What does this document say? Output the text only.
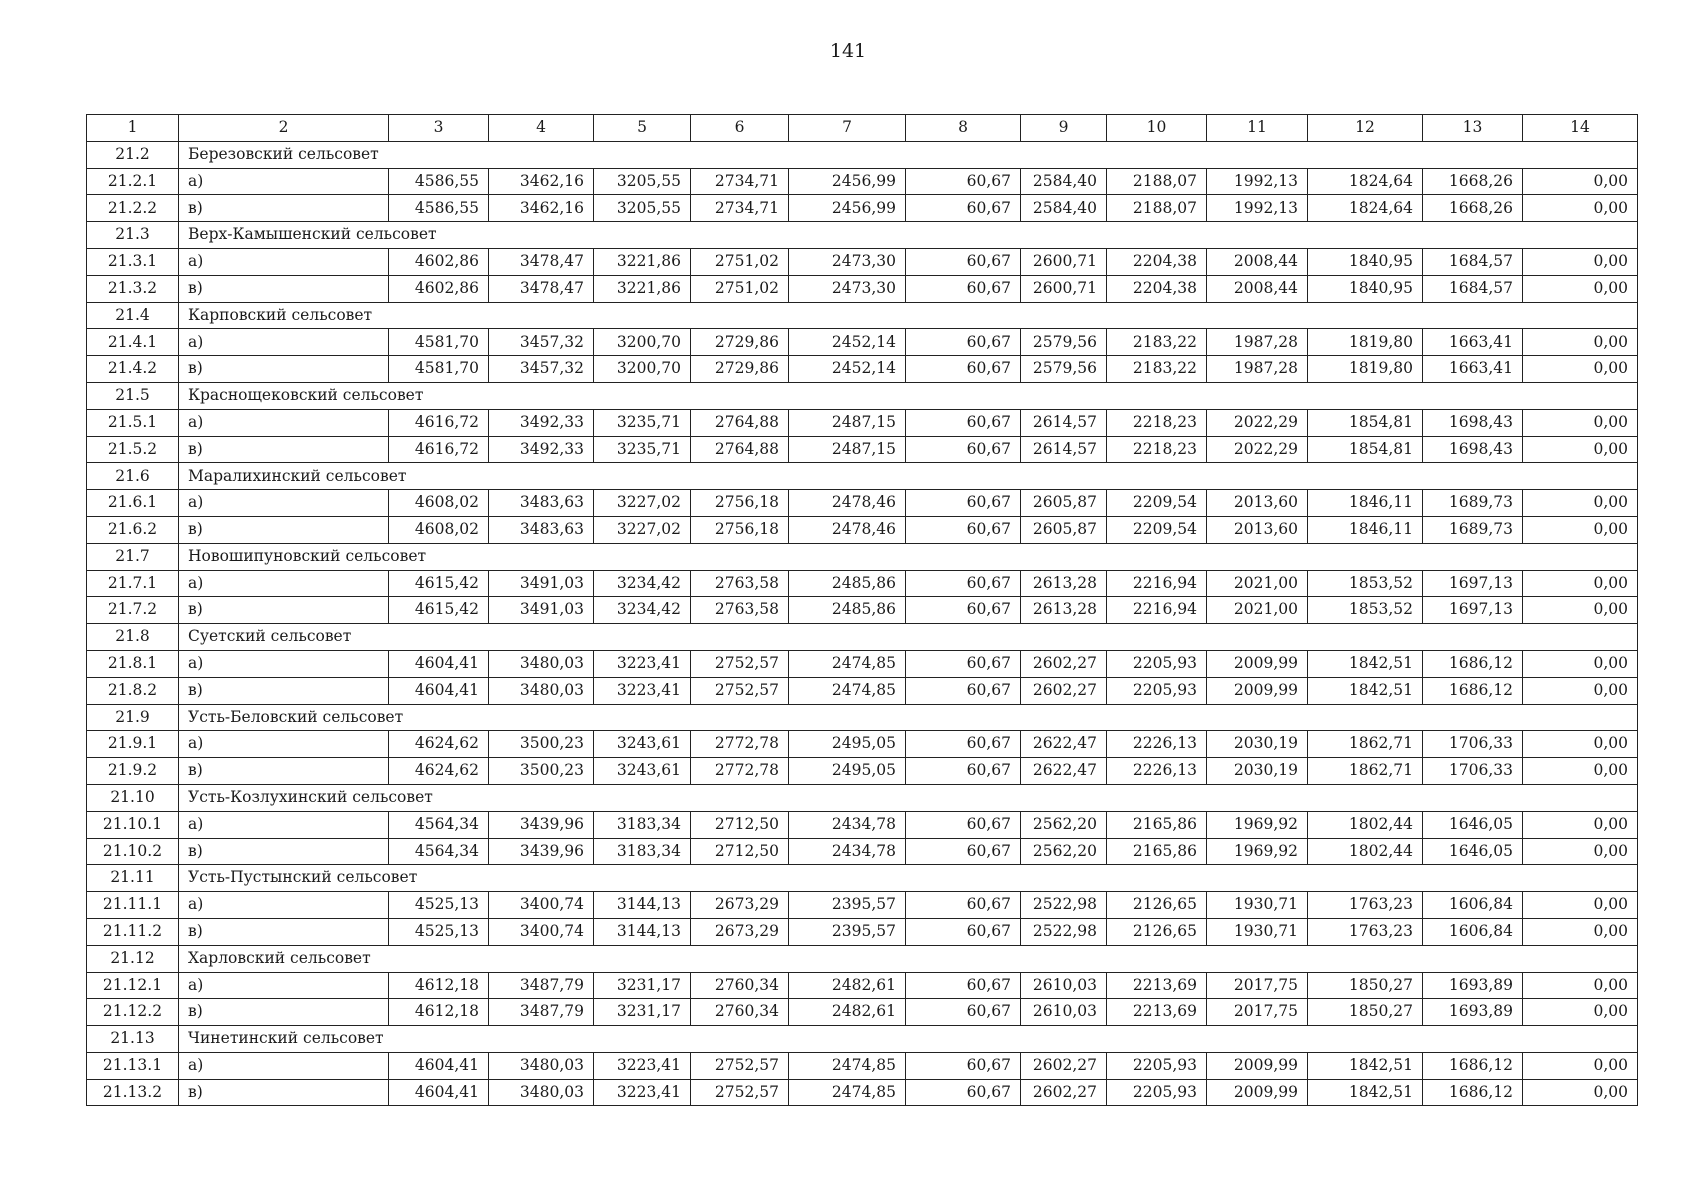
141
1	2	3	4	5	6	7	8	9	10	11	12	13	14
21.2	Березовский сельсовет												
21.2.1	а)	4586,55	3462,16	3205,55	2734,71	2456,99	60,67	2584,40	2188,07	1992,13	1824,64	1668,26	0,00
21.2.2	в)	4586,55	3462,16	3205,55	2734,71	2456,99	60,67	2584,40	2188,07	1992,13	1824,64	1668,26	0,00
21.3	Верх-Камышенский сельсовет												
21.3.1	а)	4602,86	3478,47	3221,86	2751,02	2473,30	60,67	2600,71	2204,38	2008,44	1840,95	1684,57	0,00
21.3.2	в)	4602,86	3478,47	3221,86	2751,02	2473,30	60,67	2600,71	2204,38	2008,44	1840,95	1684,57	0,00
21.4	Карповский сельсовет												
21.4.1	а)	4581,70	3457,32	3200,70	2729,86	2452,14	60,67	2579,56	2183,22	1987,28	1819,80	1663,41	0,00
21.4.2	в)	4581,70	3457,32	3200,70	2729,86	2452,14	60,67	2579,56	2183,22	1987,28	1819,80	1663,41	0,00
21.5	Краснощековский сельсовет												
21.5.1	а)	4616,72	3492,33	3235,71	2764,88	2487,15	60,67	2614,57	2218,23	2022,29	1854,81	1698,43	0,00
21.5.2	в)	4616,72	3492,33	3235,71	2764,88	2487,15	60,67	2614,57	2218,23	2022,29	1854,81	1698,43	0,00
21.6	Маралихинский сельсовет												
21.6.1	а)	4608,02	3483,63	3227,02	2756,18	2478,46	60,67	2605,87	2209,54	2013,60	1846,11	1689,73	0,00
21.6.2	в)	4608,02	3483,63	3227,02	2756,18	2478,46	60,67	2605,87	2209,54	2013,60	1846,11	1689,73	0,00
21.7	Новошипуновский сельсовет												
21.7.1	а)	4615,42	3491,03	3234,42	2763,58	2485,86	60,67	2613,28	2216,94	2021,00	1853,52	1697,13	0,00
21.7.2	в)	4615,42	3491,03	3234,42	2763,58	2485,86	60,67	2613,28	2216,94	2021,00	1853,52	1697,13	0,00
21.8	Суетский сельсовет												
21.8.1	а)	4604,41	3480,03	3223,41	2752,57	2474,85	60,67	2602,27	2205,93	2009,99	1842,51	1686,12	0,00
21.8.2	в)	4604,41	3480,03	3223,41	2752,57	2474,85	60,67	2602,27	2205,93	2009,99	1842,51	1686,12	0,00
21.9	Усть-Беловский сельсовет												
21.9.1	а)	4624,62	3500,23	3243,61	2772,78	2495,05	60,67	2622,47	2226,13	2030,19	1862,71	1706,33	0,00
21.9.2	в)	4624,62	3500,23	3243,61	2772,78	2495,05	60,67	2622,47	2226,13	2030,19	1862,71	1706,33	0,00
21.10	Усть-Козлухинский сельсовет												
21.10.1	а)	4564,34	3439,96	3183,34	2712,50	2434,78	60,67	2562,20	2165,86	1969,92	1802,44	1646,05	0,00
21.10.2	в)	4564,34	3439,96	3183,34	2712,50	2434,78	60,67	2562,20	2165,86	1969,92	1802,44	1646,05	0,00
21.11	Усть-Пустынский сельсовет												
21.11.1	а)	4525,13	3400,74	3144,13	2673,29	2395,57	60,67	2522,98	2126,65	1930,71	1763,23	1606,84	0,00
21.11.2	в)	4525,13	3400,74	3144,13	2673,29	2395,57	60,67	2522,98	2126,65	1930,71	1763,23	1606,84	0,00
21.12	Харловский сельсовет												
21.12.1	а)	4612,18	3487,79	3231,17	2760,34	2482,61	60,67	2610,03	2213,69	2017,75	1850,27	1693,89	0,00
21.12.2	в)	4612,18	3487,79	3231,17	2760,34	2482,61	60,67	2610,03	2213,69	2017,75	1850,27	1693,89	0,00
21.13	Чинетинский сельсовет												
21.13.1	а)	4604,41	3480,03	3223,41	2752,57	2474,85	60,67	2602,27	2205,93	2009,99	1842,51	1686,12	0,00
21.13.2	в)	4604,41	3480,03	3223,41	2752,57	2474,85	60,67	2602,27	2205,93	2009,99	1842,51	1686,12	0,00
